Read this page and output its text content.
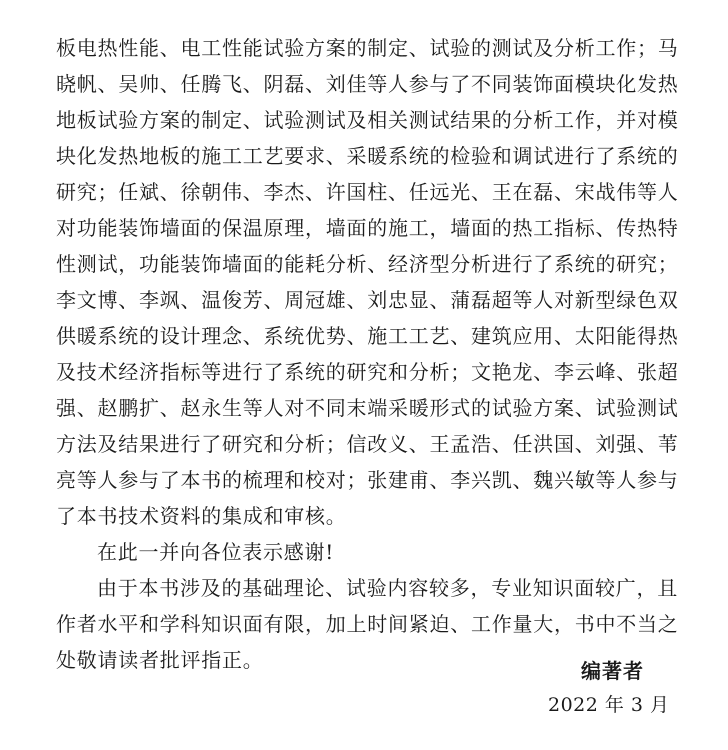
板电热性能、电工性能试验方案的制定、试验的测试及分析工作；马
晓帆、吴帅、任腾飞、阴磊、刘佳等人参与了不同装饰面模块化发热
地板试验方案的制定、试验测试及相关测试结果的分析工作，并对模
块化发热地板的施工工艺要求、采暖系统的检验和调试进行了系统的
研究；任斌、徐朝伟、李杰、许国柱、任远光、王在磊、宋战伟等人
对功能装饰墙面的保温原理，墙面的施工，墙面的热工指标、传热特
性测试，功能装饰墙面的能耗分析、经济型分析进行了系统的研究；
李文博、李飒、温俊芳、周冠雄、刘忠显、蒲磊超等人对新型绿色双
供暖系统的设计理念、系统优势、施工工艺、建筑应用、太阳能得热
及技术经济指标等进行了系统的研究和分析；文艳龙、李云峰、张超
强、赵鹏扩、赵永生等人对不同末端采暖形式的试验方案、试验测试
方法及结果进行了研究和分析；信改义、王孟浩、任洪国、刘强、苇
亮等人参与了本书的梳理和校对；张建甫、李兴凯、魏兴敏等人参与
了本书技术资料的集成和审核。
在此一并向各位表示感谢!
由于本书涉及的基础理论、试验内容较多，专业知识面较广，且
作者水平和学科知识面有限，加上时间紧迫、工作量大，书中不当之
处敬请读者批评指正。	编著者
2022 年 3 月
